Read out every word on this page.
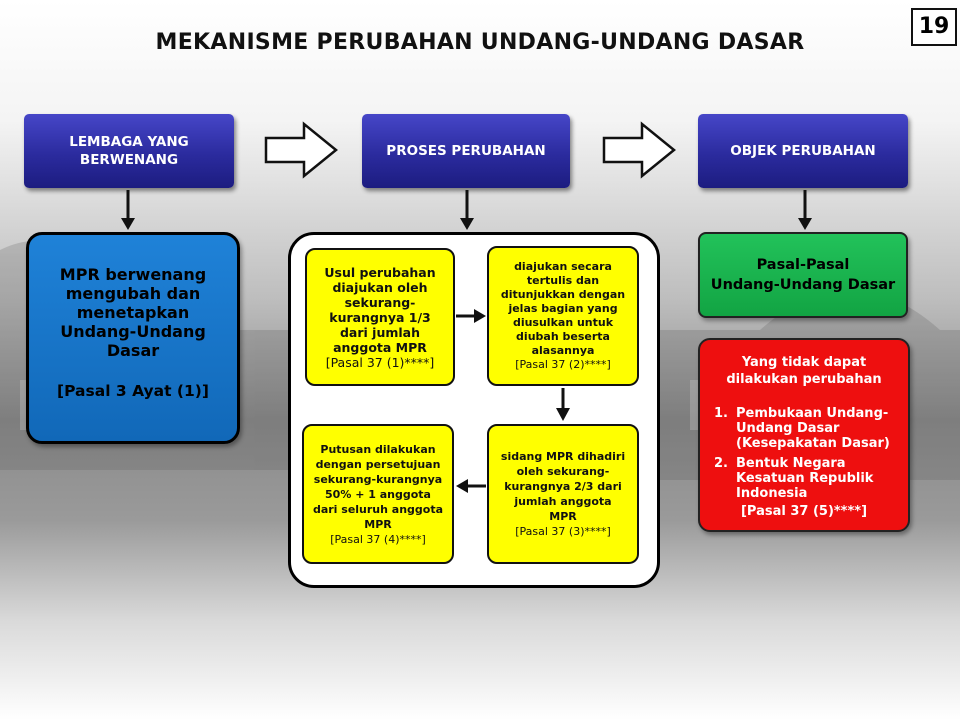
MEKANISME PERUBAHAN UNDANG-UNDANG DASAR
19
LEMBAGA YANG
BERWENANG
PROSES PERUBAHAN	OBJEK PERUBAHAN
MPR berwenang
mengubah dan
menetapkan
Undang-Undang
Dasar
[Pasal 3 Ayat (1)]
Usul perubahan
diajukan oleh
sekurang-
kurangnya 1/3
dari jumlah
anggota MPR
[Pasal 37 (1)****]
diajukan secara
tertulis dan
ditunjukkan dengan
jelas bagian yang
diusulkan untuk
diubah beserta
alasannya
[Pasal 37 (2)****]
sidang MPR dihadiri
oleh sekurang-
kurangnya 2/3 dari
jumlah anggota
MPR
[Pasal 37 (3)****]
Putusan dilakukan
dengan persetujuan
sekurang-kurangnya
50% + 1 anggota
dari seluruh anggota
MPR
[Pasal 37 (4)****]
Pasal-Pasal
Undang-Undang Dasar
Yang tidak dapat
dilakukan perubahan
1. Pembukaan Undang-
Undang Dasar
(Kesepakatan Dasar)
2. Bentuk Negara
Kesatuan Republik
Indonesia
[Pasal 37 (5)****]
